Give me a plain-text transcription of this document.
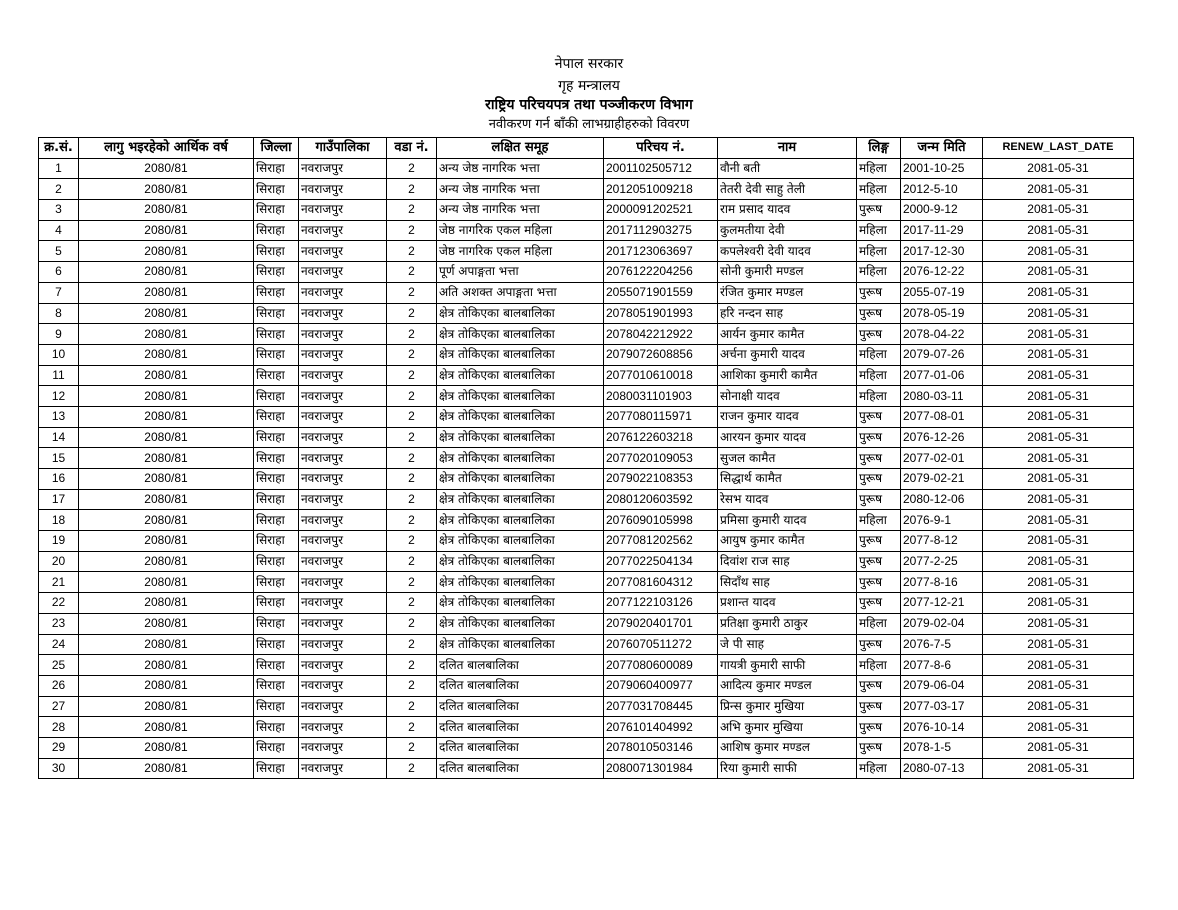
नेपाल सरकार
गृह मन्त्रालय
राष्ट्रिय परिचयपत्र तथा पञ्जीकरण विभाग
नवीकरण गर्न बाँकी लाभग्राहीहरुको विवरण
क्र.सं.	लागु भइरहेको आर्थिक वर्ष	जिल्ला	गाउँपालिका	वडा नं.	लक्षित समूह	परिचय नं.	नाम	लिङ्ग	जन्म मिति	RENEW_LAST_DATE
1	2080/81	सिराहा	नवराजपुर	2	अन्य जेष्ठ नागरिक भत्ता	2001102505712	वौनी बती	महिला	2001-10-25	2081-05-31
2	2080/81	सिराहा	नवराजपुर	2	अन्य जेष्ठ नागरिक भत्ता	2012051009218	तेतरी देवी साहु तेली	महिला	2012-5-10	2081-05-31
3	2080/81	सिराहा	नवराजपुर	2	अन्य जेष्ठ नागरिक भत्ता	2000091202521	राम प्रसाद यादव	पुरूष	2000-9-12	2081-05-31
4	2080/81	सिराहा	नवराजपुर	2	जेष्ठ नागरिक एकल महिला	2017112903275	कुलमतीया देवी	महिला	2017-11-29	2081-05-31
5	2080/81	सिराहा	नवराजपुर	2	जेष्ठ नागरिक एकल महिला	2017123063697	कपलेश्वरी देवी यादव	महिला	2017-12-30	2081-05-31
6	2080/81	सिराहा	नवराजपुर	2	पूर्ण अपाङ्गता भत्ता	2076122204256	सोनी कुमारी मण्डल	महिला	2076-12-22	2081-05-31
7	2080/81	सिराहा	नवराजपुर	2	अति अशक्त अपाङ्गता भत्ता	2055071901559	रंजित कुमार मण्डल	पुरूष	2055-07-19	2081-05-31
8	2080/81	सिराहा	नवराजपुर	2	क्षेत्र तोकिएका बालबालिका	2078051901993	हरि नन्दन साह	पुरूष	2078-05-19	2081-05-31
9	2080/81	सिराहा	नवराजपुर	2	क्षेत्र तोकिएका बालबालिका	2078042212922	आर्यन कुमार कामैत	पुरूष	2078-04-22	2081-05-31
10	2080/81	सिराहा	नवराजपुर	2	क्षेत्र तोकिएका बालबालिका	2079072608856	अर्चना कुमारी यादव	महिला	2079-07-26	2081-05-31
11	2080/81	सिराहा	नवराजपुर	2	क्षेत्र तोकिएका बालबालिका	2077010610018	आशिका कुमारी कामैत	महिला	2077-01-06	2081-05-31
12	2080/81	सिराहा	नवराजपुर	2	क्षेत्र तोकिएका बालबालिका	2080031101903	सोनाक्षी यादव	महिला	2080-03-11	2081-05-31
13	2080/81	सिराहा	नवराजपुर	2	क्षेत्र तोकिएका बालबालिका	2077080115971	राजन कुमार यादव	पुरूष	2077-08-01	2081-05-31
14	2080/81	सिराहा	नवराजपुर	2	क्षेत्र तोकिएका बालबालिका	2076122603218	आरयन कुमार यादव	पुरूष	2076-12-26	2081-05-31
15	2080/81	सिराहा	नवराजपुर	2	क्षेत्र तोकिएका बालबालिका	2077020109053	सुजल कामैत	पुरूष	2077-02-01	2081-05-31
16	2080/81	सिराहा	नवराजपुर	2	क्षेत्र तोकिएका बालबालिका	2079022108353	सिद्धार्थ कामैत	पुरूष	2079-02-21	2081-05-31
17	2080/81	सिराहा	नवराजपुर	2	क्षेत्र तोकिएका बालबालिका	2080120603592	रेसभ यादव	पुरूष	2080-12-06	2081-05-31
18	2080/81	सिराहा	नवराजपुर	2	क्षेत्र तोकिएका बालबालिका	2076090105998	प्रमिसा कुमारी यादव	महिला	2076-9-1	2081-05-31
19	2080/81	सिराहा	नवराजपुर	2	क्षेत्र तोकिएका बालबालिका	2077081202562	आयुष कुमार कामैत	पुरूष	2077-8-12	2081-05-31
20	2080/81	सिराहा	नवराजपुर	2	क्षेत्र तोकिएका बालबालिका	2077022504134	दिवांश राज साह	पुरूष	2077-2-25	2081-05-31
21	2080/81	सिराहा	नवराजपुर	2	क्षेत्र तोकिएका बालबालिका	2077081604312	सिदाँथ साह	पुरूष	2077-8-16	2081-05-31
22	2080/81	सिराहा	नवराजपुर	2	क्षेत्र तोकिएका बालबालिका	2077122103126	प्रशान्त यादव	पुरूष	2077-12-21	2081-05-31
23	2080/81	सिराहा	नवराजपुर	2	क्षेत्र तोकिएका बालबालिका	2079020401701	प्रतिक्षा कुमारी ठाकुर	महिला	2079-02-04	2081-05-31
24	2080/81	सिराहा	नवराजपुर	2	क्षेत्र तोकिएका बालबालिका	2076070511272	जे पी साह	पुरूष	2076-7-5	2081-05-31
25	2080/81	सिराहा	नवराजपुर	2	दलित बालबालिका	2077080600089	गायत्री कुमारी साफी	महिला	2077-8-6	2081-05-31
26	2080/81	सिराहा	नवराजपुर	2	दलित बालबालिका	2079060400977	आदित्य कुमार मण्डल	पुरूष	2079-06-04	2081-05-31
27	2080/81	सिराहा	नवराजपुर	2	दलित बालबालिका	2077031708445	प्रिन्स कुमार मुखिया	पुरूष	2077-03-17	2081-05-31
28	2080/81	सिराहा	नवराजपुर	2	दलित बालबालिका	2076101404992	अभि कुमार मुखिया	पुरूष	2076-10-14	2081-05-31
29	2080/81	सिराहा	नवराजपुर	2	दलित बालबालिका	2078010503146	आशिष कुमार मण्डल	पुरूष	2078-1-5	2081-05-31
30	2080/81	सिराहा	नवराजपुर	2	दलित बालबालिका	2080071301984	रिया कुमारी साफी	महिला	2080-07-13	2081-05-31
